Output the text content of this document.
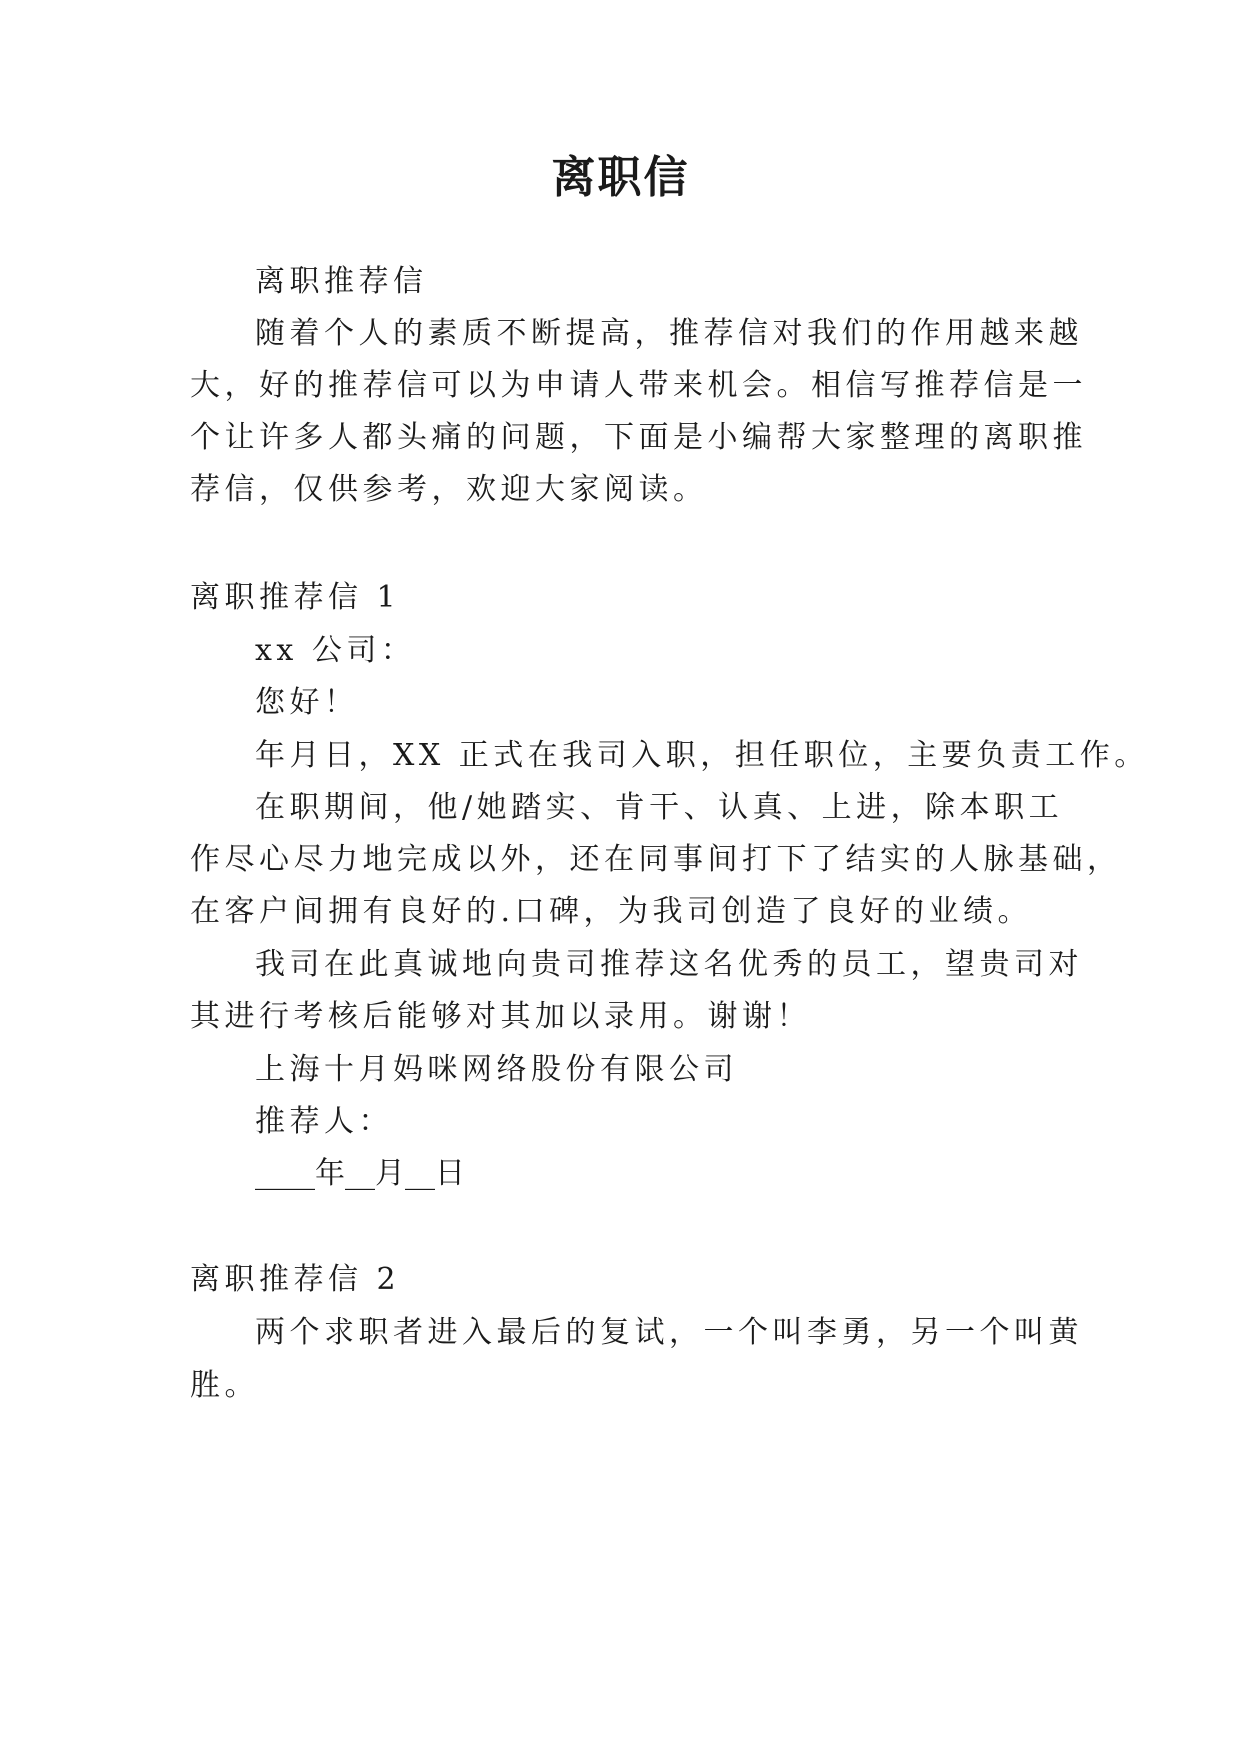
离职信
离职推荐信
随着个人的素质不断提高，推荐信对我们的作用越来越
大，好的推荐信可以为申请人带来机会。相信写推荐信是一
个让许多人都头痛的问题，下面是小编帮大家整理的离职推
荐信，仅供参考，欢迎大家阅读。
离职推荐信 1
xx 公司：
您好！
年月日，XX 正式在我司入职，担任职位，主要负责工作。
在职期间，他/她踏实、肯干、认真、上进，除本职工
作尽心尽力地完成以外，还在同事间打下了结实的人脉基础，
在客户间拥有良好的.口碑，为我司创造了良好的业绩。
我司在此真诚地向贵司推荐这名优秀的员工，望贵司对
其进行考核后能够对其加以录用。谢谢！
上海十月妈咪网络股份有限公司
推荐人：
____年__月__日
离职推荐信 2
两个求职者进入最后的复试，一个叫李勇，另一个叫黄
胜。
